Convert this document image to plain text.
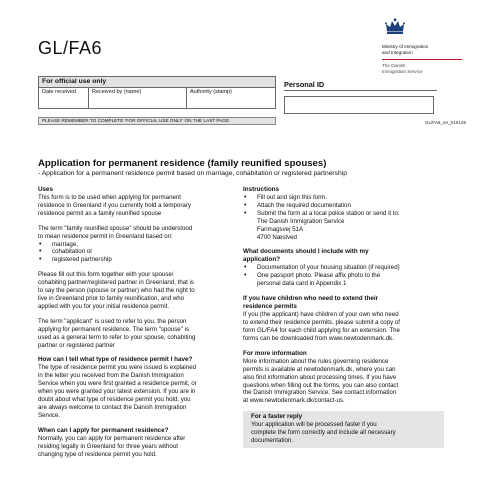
GL/FA6	Ministry of Immigration
and Integration
The Danish
Immigration Service
For official use only
Date received	Received by (name)	Authority (stamp)
PLEASE REMEMBER TO COMPLETE 'FOR OFFICIAL USE ONLY' ON THE LAST PAGE
Personal ID
GL/FA6_en_010126
Application for permanent residence (family reunified spouses)
- Application for a permanent residence permit based on marriage, cohabitation or registered partnership
Uses

This form is to be used when applying for permanent
residence in Greenland if you currently hold a temporary
residence permit as a family reunified spouse

The term "family reunified spouse" should be understood
to mean residence permit in Greenland based on:

• marriage,
• cohabitation or
• registered partnership

Please fill out this form together with your spouse/
cohabiting partner/registered partner in Greenland, that is
to say the person (spouse or partner) who had the right to
live in Greenland prior to family reunification, and who
applied with you for your initial residence permit.

The term "applicant" is used to refer to you, the person
applying for permanent residence. The term "spouse" is
used as a general term to refer to your spouse, cohabiting
partner or registered partner

How can I tell what type of residence permit I have?

The type of residence permit you were issued is explained
in the letter you received from the Danish Immigration
Service when you were first granted a residence permit, or
when you were granted your latest extension. If you are in
doubt about what type of residence permit you hold, you
are always welcome to contact the Danish Immigration
Service.

When can I apply for permanent residence?

Normally, you can apply for permanent residence after
residing legally in Greenland for three years without
changing type of residence permit you hold.

Instructions
• Fill out and sign this form.
• Attach the required documentation
• Submit the form at a local police station or send it to:
The Danish Immigration Service
Farimagsvej 51A
4700 Næstved
What documents should I include with my
application?
• Documentation of your housing situation (if required)
• One passport photo. Please affix photo to the
personal data card in Appendix 1
If you have children who need to extend their
residence permits

If you (the applicant) have children of your own who need
to extend their residence permits, please submit a copy of
form GL/FA4 for each child applying for an extension. The
forms can be downloaded from www.newtodenmark.dk.

For more information

More information about the rules governing residence
permits is available at newtodenmark.dk, where you can
also find information about processing times. If you have
questions when filling out the forms, you can also contact
the Danish Immigration Service. See contact information
at www.newtodenmark.dk/contact-us.

For a faster reply

Your application will be processed faster if you
complete the form correctly and include all necessary
documentation.
